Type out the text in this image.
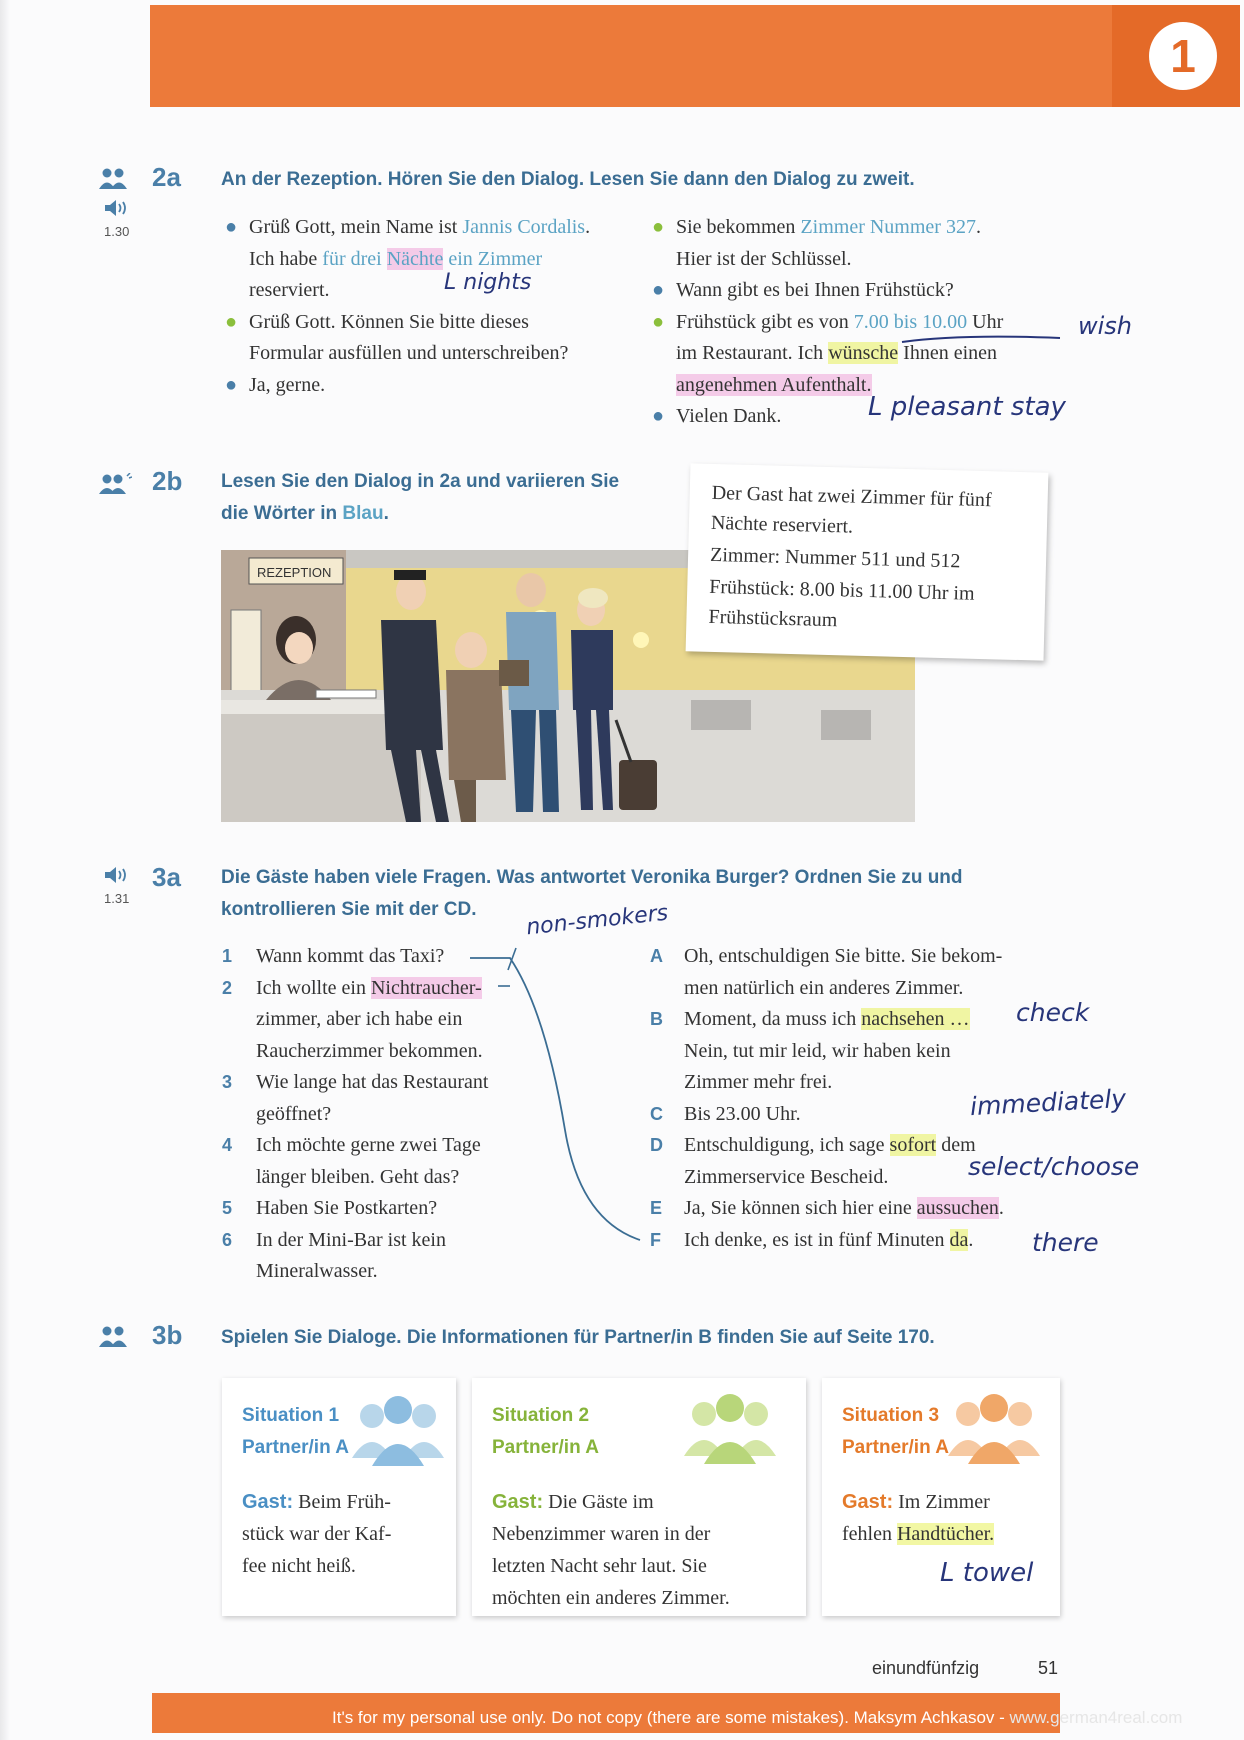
1
1.30
2a An der Rezeption. Hören Sie den Dialog. Lesen Sie dann den Dialog zu zweit.
● Grüß Gott, mein Name ist Jannis Cordalis.
Ich habe für drei Nächte ein Zimmer
reserviert.
● Grüß Gott. Können Sie bitte dieses
Formular ausfüllen und unterschreiben?
● Ja, gerne.
L nights
● Sie bekommen Zimmer Nummer 327.
Hier ist der Schlüssel.
● Wann gibt es bei Ihnen Frühstück?
● Frühstück gibt es von 7.00 bis 10.00 Uhr
im Restaurant. Ich wünsche Ihnen einen
angenehmen Aufenthalt.
● Vielen Dank.
wish
L pleasant stay
2b Lesen Sie den Dialog in 2a und variieren Sie
die Wörter in Blau.
REZEPTION
Der Gast hat zwei Zimmer für fünf
Nächte reserviert.
Zimmer: Nummer 511 und 512
Frühstück: 8.00 bis 11.00 Uhr im
Frühstücksraum
1.31
3a Die Gäste haben viele Fragen. Was antwortet Veronika Burger? Ordnen Sie zu und
kontrollieren Sie mit der CD.	non-smokers
1 Wann kommt das Taxi?
2 Ich wollte ein Nichtraucher-
zimmer, aber ich habe ein
Raucherzimmer bekommen.
3 Wie lange hat das Restaurant
geöffnet?
4 Ich möchte gerne zwei Tage
länger bleiben. Geht das?
5 Haben Sie Postkarten?
6 In der Mini-Bar ist kein
Mineralwasser.
A Oh, entschuldigen Sie bitte. Sie bekom-
men natürlich ein anderes Zimmer.
B Moment, da muss ich nachsehen …
Nein, tut mir leid, wir haben kein
Zimmer mehr frei.
C Bis 23.00 Uhr.
D Entschuldigung, ich sage sofort dem
Zimmerservice Bescheid.
E Ja, Sie können sich hier eine aussuchen.
F Ich denke, es ist in fünf Minuten da.
check
immediately
select/choose
there
3b Spielen Sie Dialoge. Die Informationen für Partner/in B finden Sie auf Seite 170.
Situation 1
Partner/in A
Gast: Beim Früh-
stück war der Kaf-
fee nicht heiß.
Situation 2
Partner/in A
Gast: Die Gäste im
Nebenzimmer waren in der
letzten Nacht sehr laut. Sie
möchten ein anderes Zimmer.
Situation 3
Partner/in A
Gast: Im Zimmer
fehlen Handtücher.
L towel
einundfünfzig	51
It's for my personal use only. Do not copy (there are some mistakes). Maksym Achkasov - www.german4real.com
